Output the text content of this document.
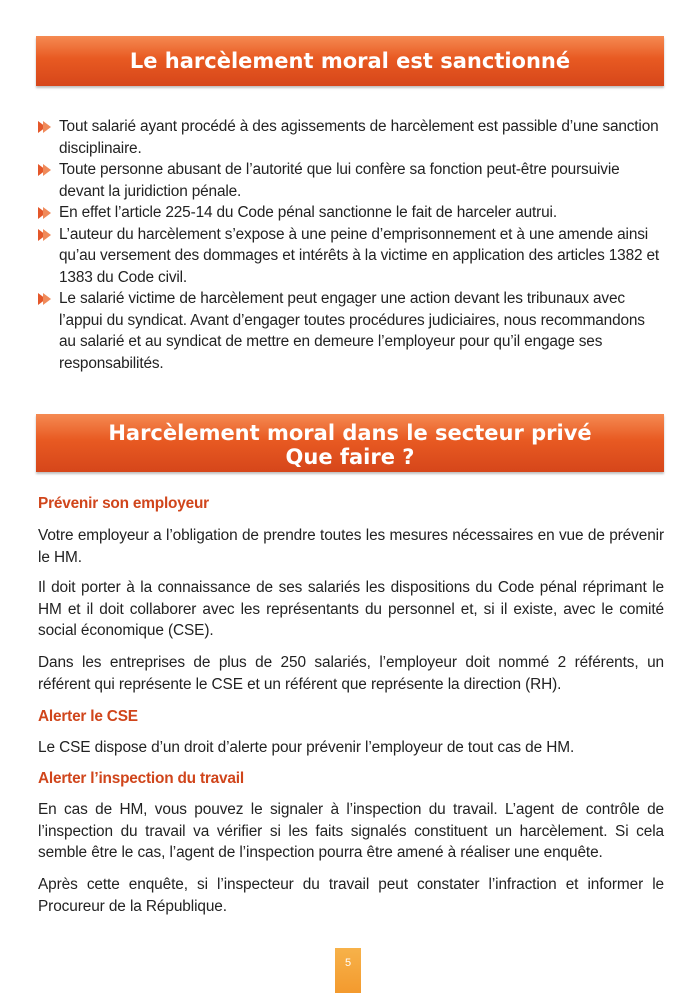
Le harcèlement moral est sanctionné
Tout salarié ayant procédé à des agissements de harcèlement est passible d’une sanction disciplinaire.
Toute personne abusant de l’autorité que lui confère sa fonction peut-être poursuivie devant la juridiction pénale.
En effet l’article 225-14 du Code pénal sanctionne le fait de harceler autrui.
L’auteur du harcèlement s’expose à une peine d’emprisonnement et à une amende ainsi qu’au versement des dommages et intérêts à la victime en application des articles 1382 et 1383 du Code civil.
Le salarié victime de harcèlement peut engager une action devant les tribunaux avec l’appui du syndicat. Avant d’engager toutes procédures judiciaires, nous recommandons au salarié et au syndicat de mettre en demeure l’employeur pour qu’il engage ses responsabilités.
Harcèlement moral dans le secteur privé
Que faire ?
Prévenir son employeur

Votre employeur a l’obligation de prendre toutes les mesures nécessaires en vue de prévenir le HM.

Il doit porter à la connaissance de ses salariés les dispositions du Code pénal réprimant le HM et il doit collaborer avec les représentants du personnel et, si il existe, avec le comité social économique (CSE).

Dans les entreprises de plus de 250 salariés, l’employeur doit nommé 2 référents, un référent qui représente le CSE et un référent que représente la direction (RH).

Alerter le CSE

Le CSE dispose d’un droit d’alerte pour prévenir l’employeur de tout cas de HM.

Alerter l’inspection du travail

En cas de HM, vous pouvez le signaler à l’inspection du travail. L’agent de contrôle de l’inspection du travail va vérifier si les faits signalés constituent un harcèlement. Si cela semble être le cas, l’agent de l’inspection pourra être amené à réaliser une enquête.

Après cette enquête, si l’inspecteur du travail peut constater l’infraction et informer le Procureur de la République.

5
